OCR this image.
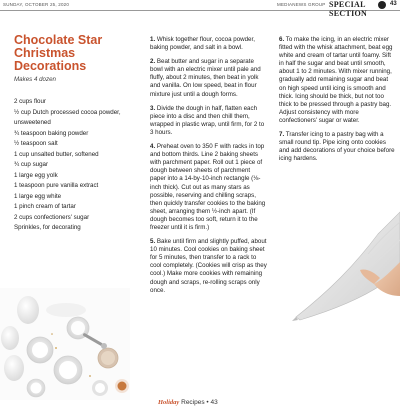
SUNDAY, OCTOBER 25, 2020	MEDIANEWS GROUP SPECIAL SECTION
43
Chocolate Star Christmas Decorations
Makes 4 dozen
2 cups flour
½ cup Dutch processed cocoa powder, unsweetened
¾ teaspoon baking powder
½ teaspoon salt
1 cup unsalted butter, softened
¾ cup sugar
1 large egg yolk
1 teaspoon pure vanilla extract
1 large egg white
1 pinch cream of tartar
2 cups confectioners' sugar
Sprinkles, for decorating

1. Whisk together flour, cocoa powder, baking powder, and salt in a bowl.

2. Beat butter and sugar in a separate bowl with an electric mixer until pale and fluffy, about 2 minutes, then beat in yolk and vanilla. On low speed, beat in flour mixture just until a dough forms.

3. Divide the dough in half, flatten each piece into a disc and then chill them, wrapped in plastic wrap, until firm, for 2 to 3 hours.

4. Preheat oven to 350 F with racks in top and bottom thirds. Line 2 baking sheets with parchment paper. Roll out 1 piece of dough between sheets of parchment paper into a 14-by-10-inch rectangle (⅛-inch thick). Cut out as many stars as possible, reserving and chilling scraps, then quickly transfer cookies to the baking sheet, arranging them ½-inch apart. (If dough becomes too soft, return it to the freezer until it is firm.)

5. Bake until firm and slightly puffed, about 10 minutes. Cool cookies on baking sheet for 5 minutes, then transfer to a rack to cool completely. (Cookies will crisp as they cool.) Make more cookies with remaining dough and scraps, re-rolling scraps only once.

6. To make the icing, in an electric mixer fitted with the whisk attachment, beat egg white and cream of tartar until foamy. Sift in half the sugar and beat until smooth, about 1 to 2 minutes. With mixer running, gradually add remaining sugar and beat on high speed until icing is smooth and thick. Icing should be thick, but not too thick to be pressed through a pastry bag. Adjust consistency with more confectioners' sugar or water.

7. Transfer icing to a pastry bag with a small round tip. Pipe icing onto cookies and add decorations of your choice before icing hardens.

Holiday Recipes • 43
